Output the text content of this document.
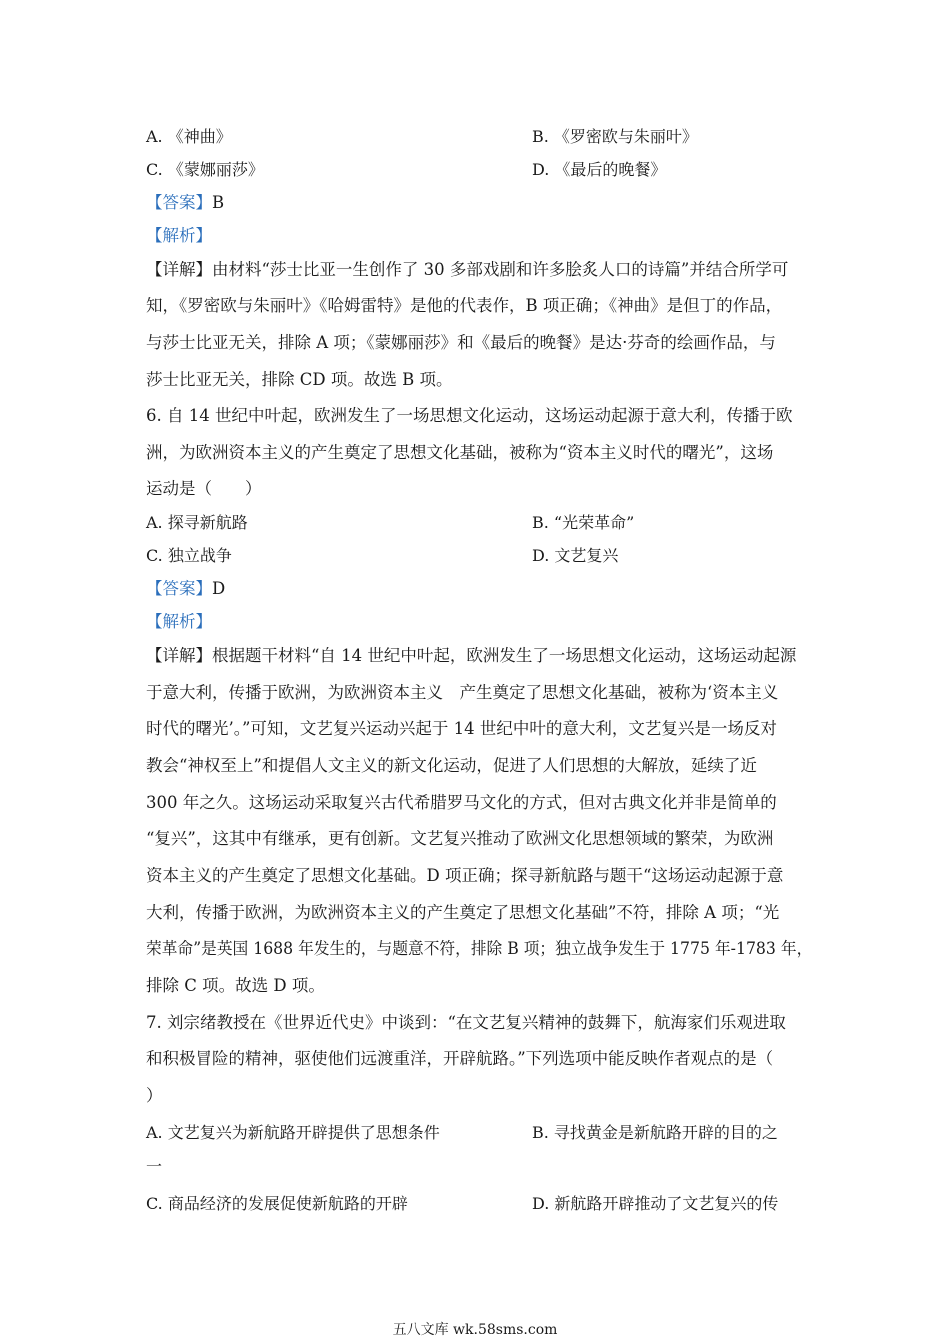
A. 《神曲》	B. 《罗密欧与朱丽叶》
C. 《蒙娜丽莎》	D. 《最后的晚餐》
【答案】B
【解析】
【详解】由材料“莎士比亚一生创作了 30 多部戏剧和许多脍炙人口的诗篇”并结合所学可
知，《罗密欧与朱丽叶》《哈姆雷特》是他的代表作，B 项正确；《神曲》是但丁的作品，
与莎士比亚无关，排除 A 项；《蒙娜丽莎》和《最后的晚餐》是达·芬奇的绘画作品，与
莎士比亚无关，排除 CD 项。故选 B 项。
6. 自 14 世纪中叶起，欧洲发生了一场思想文化运动，这场运动起源于意大利，传播于欧
洲，为欧洲资本主义的产生奠定了思想文化基础，被称为“资本主义时代的曙光”，这场
运动是（　　）
A. 探寻新航路	B. “光荣革命”
C. 独立战争	D. 文艺复兴
【答案】D
【解析】
【详解】根据题干材料“自 14 世纪中叶起，欧洲发生了一场思想文化运动，这场运动起源
于意大利，传播于欧洲，为欧洲资本主义　产生奠定了思想文化基础，被称为‘资本主义
时代的曙光’。”可知，文艺复兴运动兴起于 14 世纪中叶的意大利，文艺复兴是一场反对
教会“神权至上”和提倡人文主义的新文化运动，促进了人们思想的大解放，延续了近
300 年之久。这场运动采取复兴古代希腊罗马文化的方式，但对古典文化并非是简单的
“复兴”，这其中有继承，更有创新。文艺复兴推动了欧洲文化思想领域的繁荣，为欧洲
资本主义的产生奠定了思想文化基础。D 项正确；探寻新航路与题干“这场运动起源于意
大利，传播于欧洲，为欧洲资本主义的产生奠定了思想文化基础”不符，排除 A 项；“光
荣革命”是英国 1688 年发生的，与题意不符，排除 B 项；独立战争发生于 1775 年-1783 年，
排除 C 项。故选 D 项。
7. 刘宗绪教授在《世界近代史》中谈到：“在文艺复兴精神的鼓舞下，航海家们乐观进取
和积极冒险的精神，驱使他们远渡重洋，开辟航路。”下列选项中能反映作者观点的是（
）
A. 文艺复兴为新航路开辟提供了思想条件	B. 寻找黄金是新航路开辟的目的之
一
C. 商品经济的发展促使新航路的开辟	D. 新航路开辟推动了文艺复兴的传
五八文库 wk.58sms.com
